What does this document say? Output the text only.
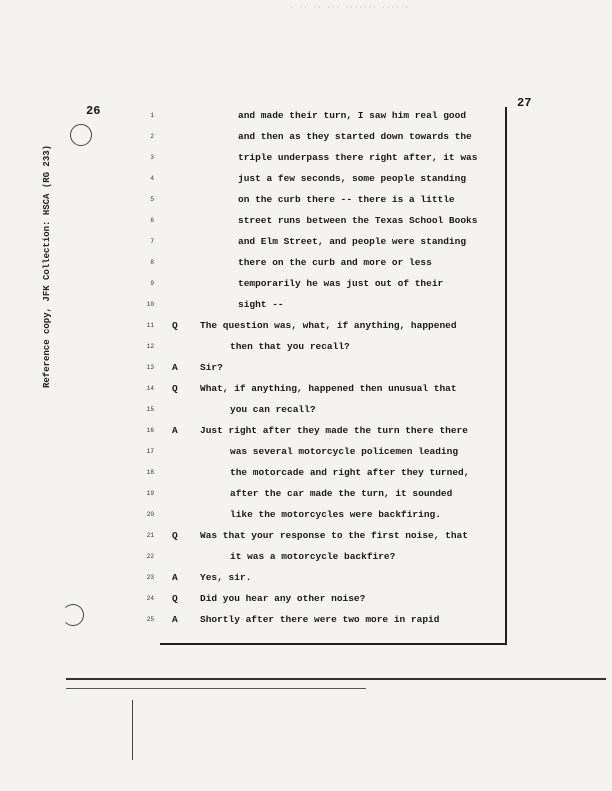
· ·· ·· ··· ······· ······
26
27
Reference copy, JFK Collection: HSCA (RG 233)
1	and made their turn, I saw him real good
2	and then as they started down towards the
3	triple underpass there right after, it was
4	just a few seconds, some people standing
5	on the curb there -- there is a little
6	street runs between the Texas School Books
7	and Elm Street, and people were standing
8	there on the curb and more or less
9	temporarily he was just out of their
10	sight --
11 Q The question was, what, if anything, happened
12	then that you recall?
13 A Sir?
14 Q What, if anything, happened then unusual that
15	you can recall?
16 A Just right after they made the turn there there
17	was several motorcycle policemen leading
18	the motorcade and right after they turned,
19	after the car made the turn, it sounded
20	like the motorcycles were backfiring.
21 Q Was that your response to the first noise, that
22	it was a motorcycle backfire?
23 A Yes, sir.
24 Q Did you hear any other noise?
25 A Shortly after there were two more in rapid
